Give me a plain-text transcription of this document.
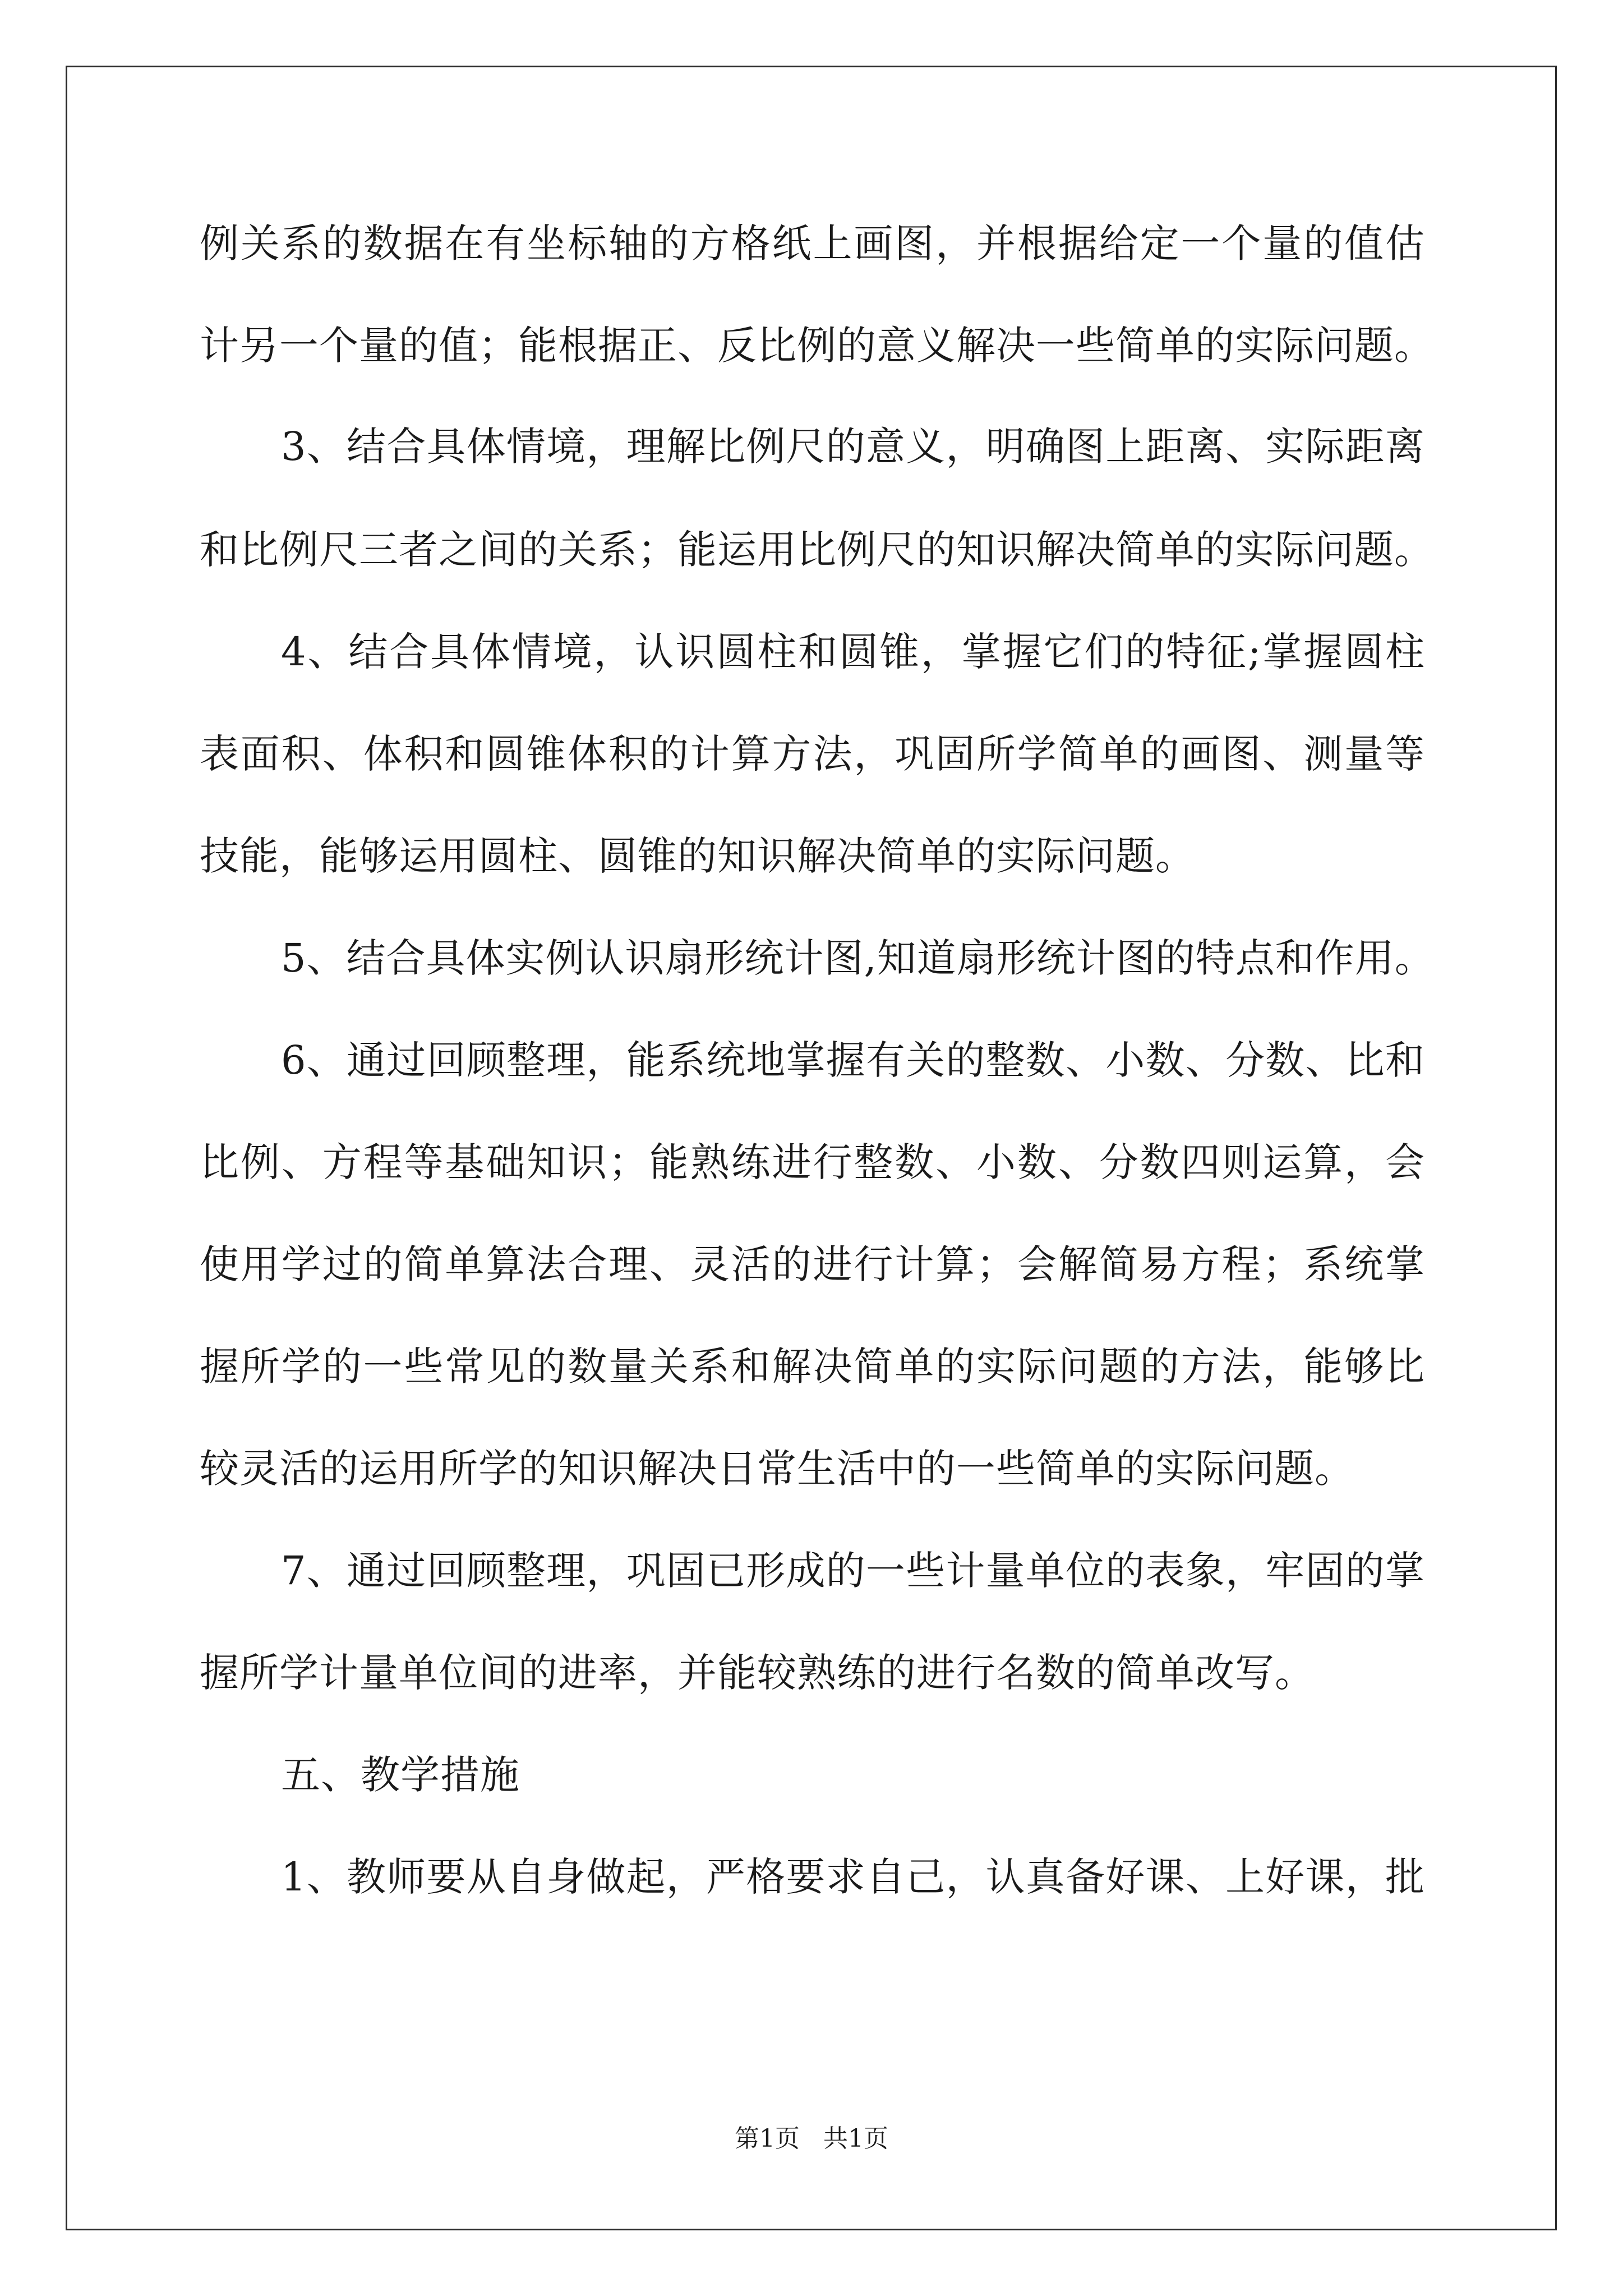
例关系的数据在有坐标轴的方格纸上画图，并根据给定一个量的值估
计另一个量的值；能根据正、反比例的意义解决一些简单的实际问题。
3、结合具体情境，理解比例尺的意义，明确图上距离、实际距离
和比例尺三者之间的关系；能运用比例尺的知识解决简单的实际问题。
4、结合具体情境，认识圆柱和圆锥，掌握它们的特征;掌握圆柱
表面积、体积和圆锥体积的计算方法，巩固所学简单的画图、测量等
技能，能够运用圆柱、圆锥的知识解决简单的实际问题。
5、结合具体实例认识扇形统计图,知道扇形统计图的特点和作用。
6、通过回顾整理，能系统地掌握有关的整数、小数、分数、比和
比例、方程等基础知识；能熟练进行整数、小数、分数四则运算，会
使用学过的简单算法合理、灵活的进行计算；会解简易方程；系统掌
握所学的一些常见的数量关系和解决简单的实际问题的方法，能够比
较灵活的运用所学的知识解决日常生活中的一些简单的实际问题。
7、通过回顾整理，巩固已形成的一些计量单位的表象，牢固的掌
握所学计量单位间的进率，并能较熟练的进行名数的简单改写。
五、教学措施
1、教师要从自身做起，严格要求自己，认真备好课、上好课，批
第1页   共1页
